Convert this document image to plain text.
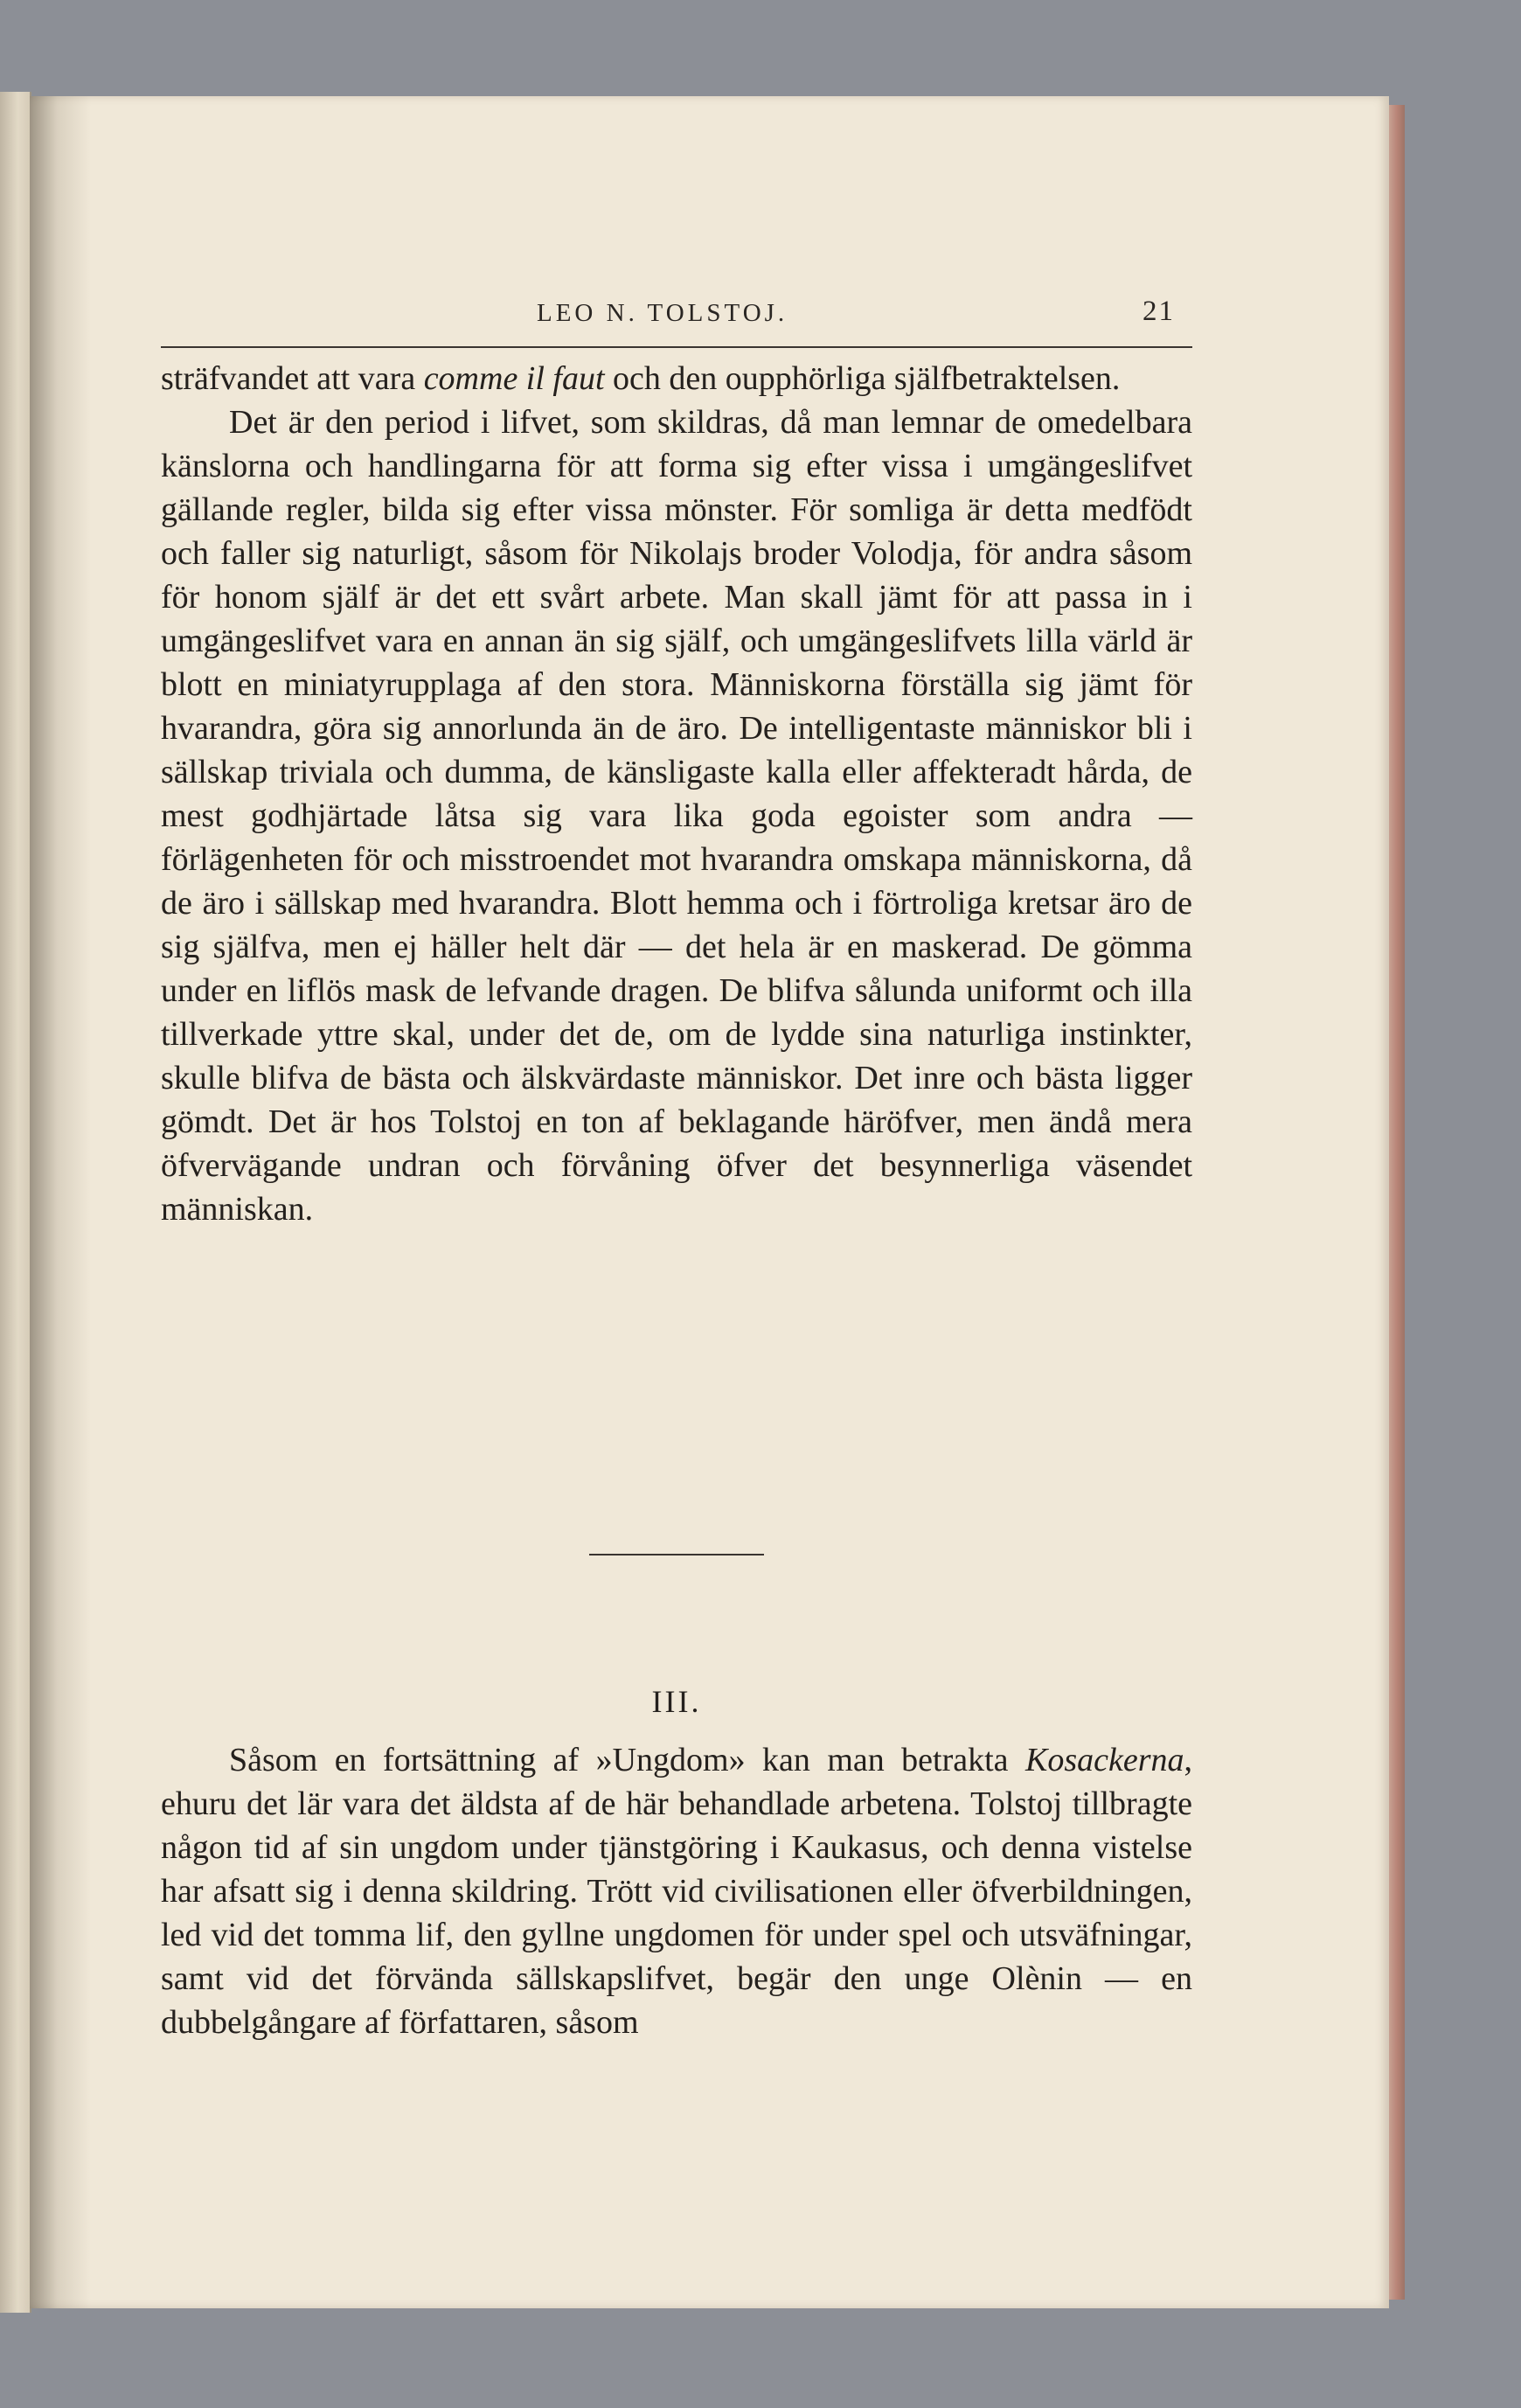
LEO N. TOLSTOJ.	21

sträfvandet att vara comme il faut och den oupphörliga själfbetraktelsen.

Det är den period i lifvet, som skildras, då man lemnar de omedelbara känslorna och handlingarna för att forma sig efter vissa i umgängeslifvet gällande regler, bilda sig efter vissa mönster. För somliga är detta medfödt och faller sig naturligt, såsom för Nikolajs broder Volodja, för andra såsom för honom själf är det ett svårt arbete. Man skall jämt för att passa in i umgängeslifvet vara en annan än sig själf, och umgängeslifvets lilla värld är blott en miniatyrupplaga af den stora. Människorna förställa sig jämt för hvarandra, göra sig annorlunda än de äro. De intelligentaste människor bli i sällskap triviala och dumma, de känsligaste kalla eller affekteradt hårda, de mest godhjärtade låtsa sig vara lika goda egoister som andra — förlägenheten för och misstroendet mot hvarandra omskapa människorna, då de äro i sällskap med hvarandra. Blott hemma och i förtroliga kretsar äro de sig själfva, men ej häller helt där — det hela är en maskerad. De gömma under en liflös mask de lefvande dragen. De blifva sålunda uniformt och illa tillverkade yttre skal, under det de, om de lydde sina naturliga instinkter, skulle blifva de bästa och älskvärdaste människor. Det inre och bästa ligger gömdt. Det är hos Tolstoj en ton af beklagande häröfver, men ändå mera öfvervägande undran och förvåning öfver det besynnerliga väsendet människan.

III.

Såsom en fortsättning af »Ungdom» kan man betrakta Kosackerna, ehuru det lär vara det äldsta af de här behandlade arbetena. Tolstoj tillbragte någon tid af sin ungdom under tjänstgöring i Kaukasus, och denna vistelse har afsatt sig i denna skildring. Trött vid civilisationen eller öfverbildningen, led vid det tomma lif, den gyllne ungdomen för under spel och utsväfningar, samt vid det förvända sällskapslifvet, begär den unge Olènin — en dubbelgångare af författaren, såsom
